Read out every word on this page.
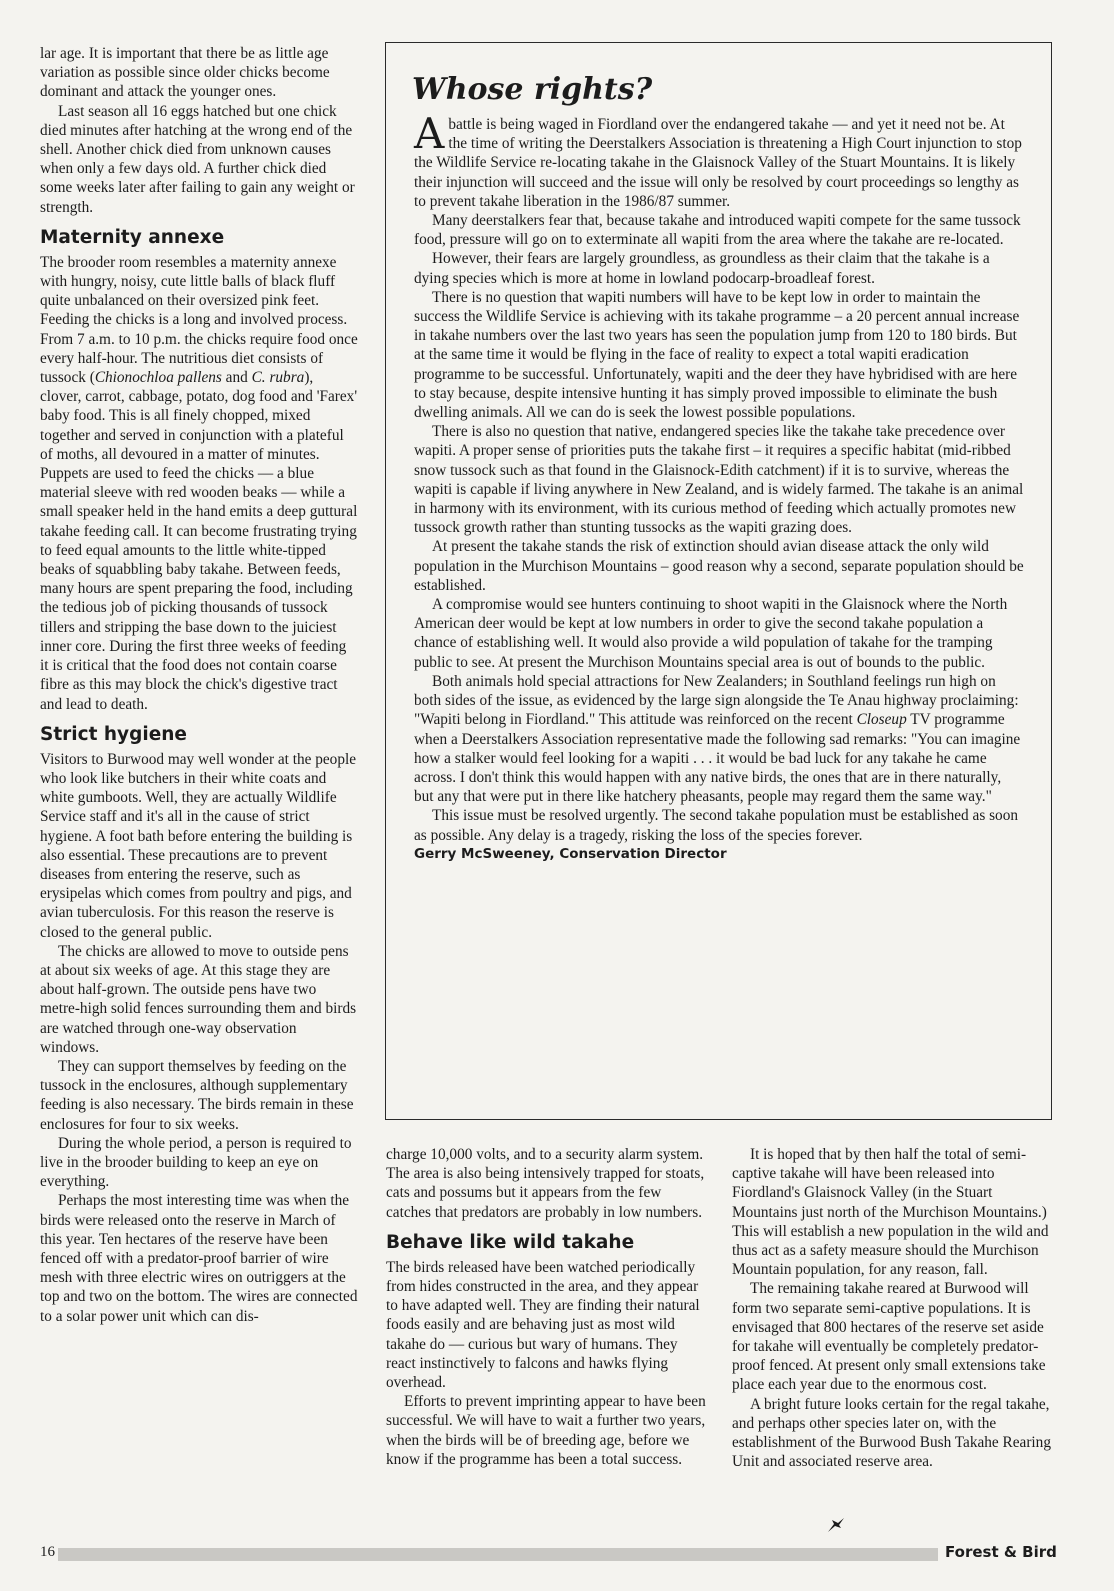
lar age. It is important that there be as little age variation as possible since older chicks become dominant and attack the younger ones.

Last season all 16 eggs hatched but one chick died minutes after hatching at the wrong end of the shell. Another chick died from unknown causes when only a few days old. A further chick died some weeks later after failing to gain any weight or strength.

Maternity annexe

The brooder room resembles a maternity annexe with hungry, noisy, cute little balls of black fluff quite unbalanced on their oversized pink feet. Feeding the chicks is a long and involved process. From 7 a.m. to 10 p.m. the chicks require food once every half-hour. The nutritious diet consists of tussock (Chionochloa pallens and C. rubra), clover, carrot, cabbage, potato, dog food and 'Farex' baby food. This is all finely chopped, mixed together and served in conjunction with a plateful of moths, all devoured in a matter of minutes. Puppets are used to feed the chicks — a blue material sleeve with red wooden beaks — while a small speaker held in the hand emits a deep guttural takahe feeding call. It can become frustrating trying to feed equal amounts to the little white-tipped beaks of squabbling baby takahe. Between feeds, many hours are spent preparing the food, including the tedious job of picking thousands of tussock tillers and stripping the base down to the juiciest inner core. During the first three weeks of feeding it is critical that the food does not contain coarse fibre as this may block the chick's digestive tract and lead to death.

Strict hygiene

Visitors to Burwood may well wonder at the people who look like butchers in their white coats and white gumboots. Well, they are actually Wildlife Service staff and it's all in the cause of strict hygiene. A foot bath before entering the building is also essential. These precautions are to prevent diseases from entering the reserve, such as erysipelas which comes from poultry and pigs, and avian tuberculosis. For this reason the reserve is closed to the general public.

The chicks are allowed to move to outside pens at about six weeks of age. At this stage they are about half-grown. The outside pens have two metre-high solid fences surrounding them and birds are watched through one-way observation windows.

They can support themselves by feeding on the tussock in the enclosures, although supplementary feeding is also necessary. The birds remain in these enclosures for four to six weeks.

During the whole period, a person is required to live in the brooder building to keep an eye on everything.

Perhaps the most interesting time was when the birds were released onto the reserve in March of this year. Ten hectares of the reserve have been fenced off with a predator-proof barrier of wire mesh with three electric wires on outriggers at the top and two on the bottom. The wires are connected to a solar power unit which can dis-

Whose rights?

Abattle is being waged in Fiordland over the endangered takahe — and yet it need not be. At the time of writing the Deerstalkers Association is threatening a High Court injunction to stop the Wildlife Service re-locating takahe in the Glaisnock Valley of the Stuart Mountains. It is likely their injunction will succeed and the issue will only be resolved by court proceedings so lengthy as to prevent takahe liberation in the 1986/87 summer.

Many deerstalkers fear that, because takahe and introduced wapiti compete for the same tussock food, pressure will go on to exterminate all wapiti from the area where the takahe are re-located.

However, their fears are largely groundless, as groundless as their claim that the takahe is a dying species which is more at home in lowland podocarp-broadleaf forest.

There is no question that wapiti numbers will have to be kept low in order to maintain the success the Wildlife Service is achieving with its takahe programme – a 20 percent annual increase in takahe numbers over the last two years has seen the population jump from 120 to 180 birds. But at the same time it would be flying in the face of reality to expect a total wapiti eradication programme to be successful. Unfortunately, wapiti and the deer they have hybridised with are here to stay because, despite intensive hunting it has simply proved impossible to eliminate the bush dwelling animals. All we can do is seek the lowest possible populations.

There is also no question that native, endangered species like the takahe take precedence over wapiti. A proper sense of priorities puts the takahe first – it requires a specific habitat (mid-ribbed snow tussock such as that found in the Glaisnock-Edith catchment) if it is to survive, whereas the wapiti is capable if living anywhere in New Zealand, and is widely farmed. The takahe is an animal in harmony with its environment, with its curious method of feeding which actually promotes new tussock growth rather than stunting tussocks as the wapiti grazing does.

At present the takahe stands the risk of extinction should avian disease attack the only wild population in the Murchison Mountains – good reason why a second, separate population should be established.

A compromise would see hunters continuing to shoot wapiti in the Glaisnock where the North American deer would be kept at low numbers in order to give the second takahe population a chance of establishing well. It would also provide a wild population of takahe for the tramping public to see. At present the Murchison Mountains special area is out of bounds to the public.

Both animals hold special attractions for New Zealanders; in Southland feelings run high on both sides of the issue, as evidenced by the large sign alongside the Te Anau highway proclaiming: "Wapiti belong in Fiordland." This attitude was reinforced on the recent Closeup TV programme when a Deerstalkers Association representative made the following sad remarks: "You can imagine how a stalker would feel looking for a wapiti . . . it would be bad luck for any takahe he came across. I don't think this would happen with any native birds, the ones that are in there naturally, but any that were put in there like hatchery pheasants, people may regard them the same way."

This issue must be resolved urgently. The second takahe population must be established as soon as possible. Any delay is a tragedy, risking the loss of the species forever.

Gerry McSweeney, Conservation Director

charge 10,000 volts, and to a security alarm system. The area is also being intensively trapped for stoats, cats and possums but it appears from the few catches that predators are probably in low numbers.

Behave like wild takahe

The birds released have been watched periodically from hides constructed in the area, and they appear to have adapted well. They are finding their natural foods easily and are behaving just as most wild takahe do — curious but wary of humans. They react instinctively to falcons and hawks flying overhead.

Efforts to prevent imprinting appear to have been successful. We will have to wait a further two years, when the birds will be of breeding age, before we know if the programme has been a total success.

It is hoped that by then half the total of semi-captive takahe will have been released into Fiordland's Glaisnock Valley (in the Stuart Mountains just north of the Murchison Mountains.) This will establish a new population in the wild and thus act as a safety measure should the Murchison Mountain population, for any reason, fall.

The remaining takahe reared at Burwood will form two separate semi-captive populations. It is envisaged that 800 hectares of the reserve set aside for takahe will eventually be completely predator-proof fenced. At present only small extensions take place each year due to the enormous cost.

A bright future looks certain for the regal takahe, and perhaps other species later on, with the establishment of the Burwood Bush Takahe Rearing Unit and associated reserve area.

16	Forest & Bird
